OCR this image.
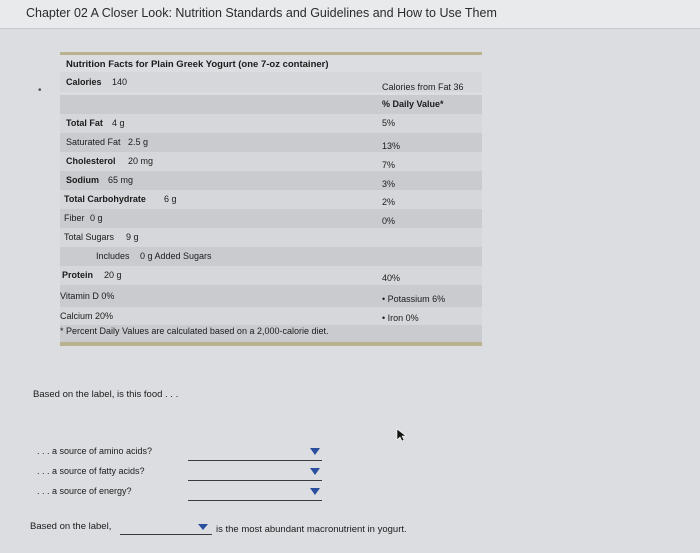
Chapter 02 A Closer Look: Nutrition Standards and Guidelines and How to Use Them
•
Nutrition Facts for Plain Greek Yogurt (one 7-oz container)
Calories 140	Calories from Fat 36
% Daily Value*
Total Fat 4 g	5%
Saturated Fat 2.5 g	13%
Cholesterol 20 mg	7%
Sodium 65 mg	3%
Total Carbohydrate 6 g	2%
Fiber 0 g	0%
Total Sugars 9 g
Includes 0 g Added Sugars
Protein 20 g	40%
Vitamin D 0%	• Potassium 6%
Calcium 20%	• Iron 0%
* Percent Daily Values are calculated based on a 2,000-calorie diet.
Based on the label, is this food . . .
. . . a source of amino acids?
. . . a source of fatty acids?
. . . a source of energy?
Based on the label,	is the most abundant macronutrient in yogurt.
